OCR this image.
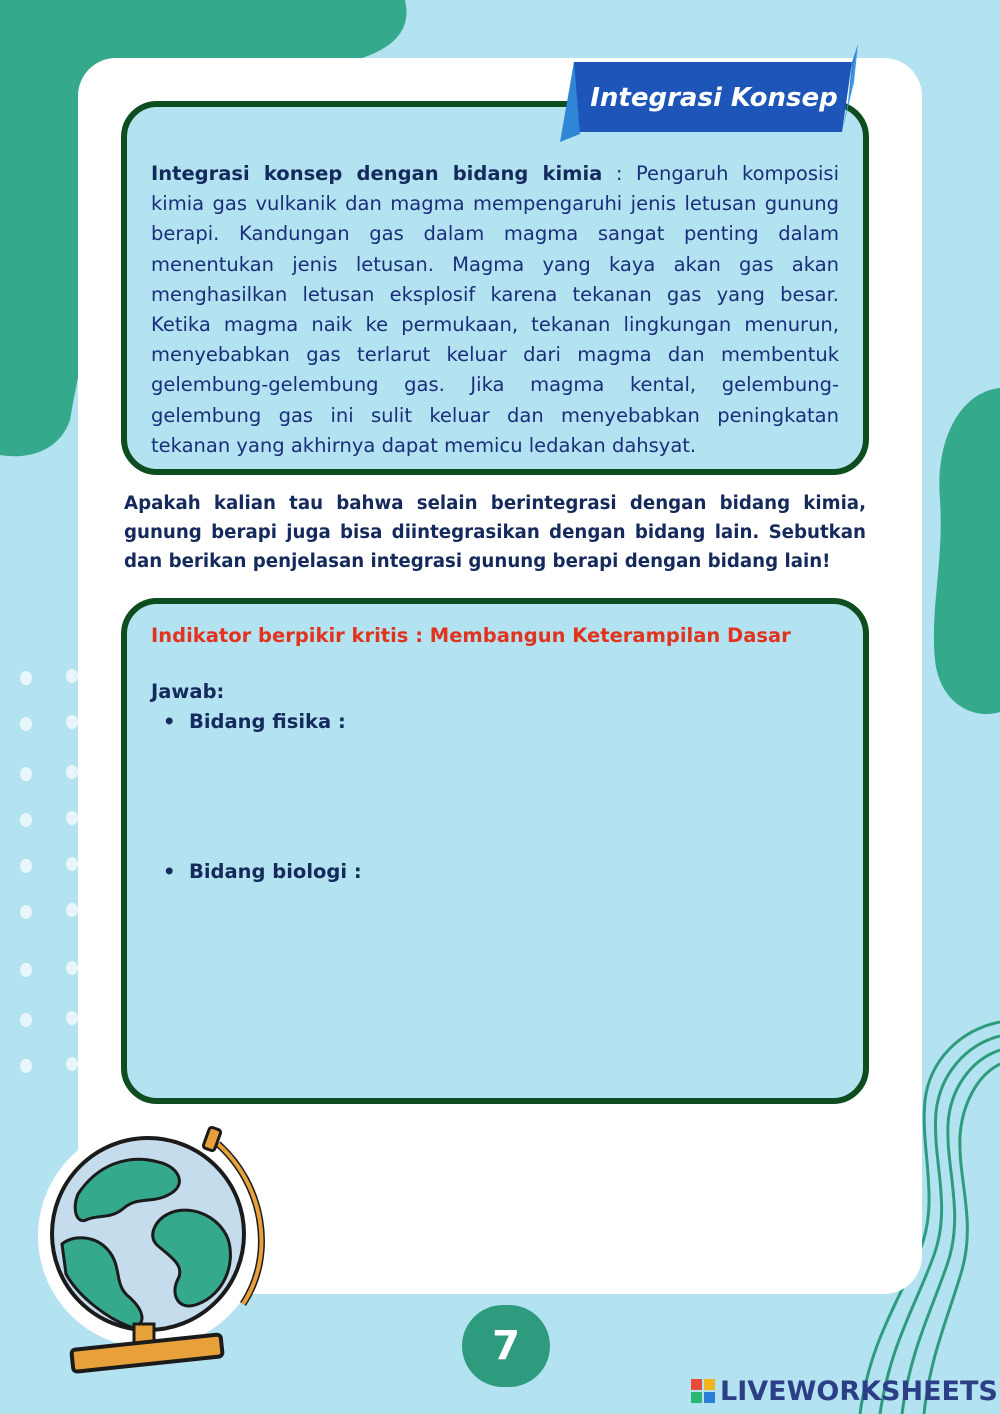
Integrasi konsep dengan bidang kimia : Pengaruh komposisi kimia gas vulkanik dan magma mempengaruhi jenis letusan gunung berapi. Kandungan gas dalam magma sangat penting dalam menentukan jenis letusan. Magma yang kaya akan gas akan menghasilkan letusan eksplosif karena tekanan gas yang besar. Ketika magma naik ke permukaan, tekanan lingkungan menurun, menyebabkan gas terlarut keluar dari magma dan membentuk gelembung-gelembung gas. Jika magma kental, gelembung-gelembung gas ini sulit keluar dan menyebabkan peningkatan tekanan yang akhirnya dapat memicu ledakan dahsyat.
Integrasi Konsep
Apakah kalian tau bahwa selain berintegrasi dengan bidang kimia, gunung berapi juga bisa diintegrasikan dengan bidang lain. Sebutkan dan berikan penjelasan integrasi gunung berapi dengan bidang lain!
Indikator berpikir kritis : Membangun Keterampilan Dasar
Jawab:
• Bidang fisika :
• Bidang biologi :
7
LIVEWORKSHEETS
